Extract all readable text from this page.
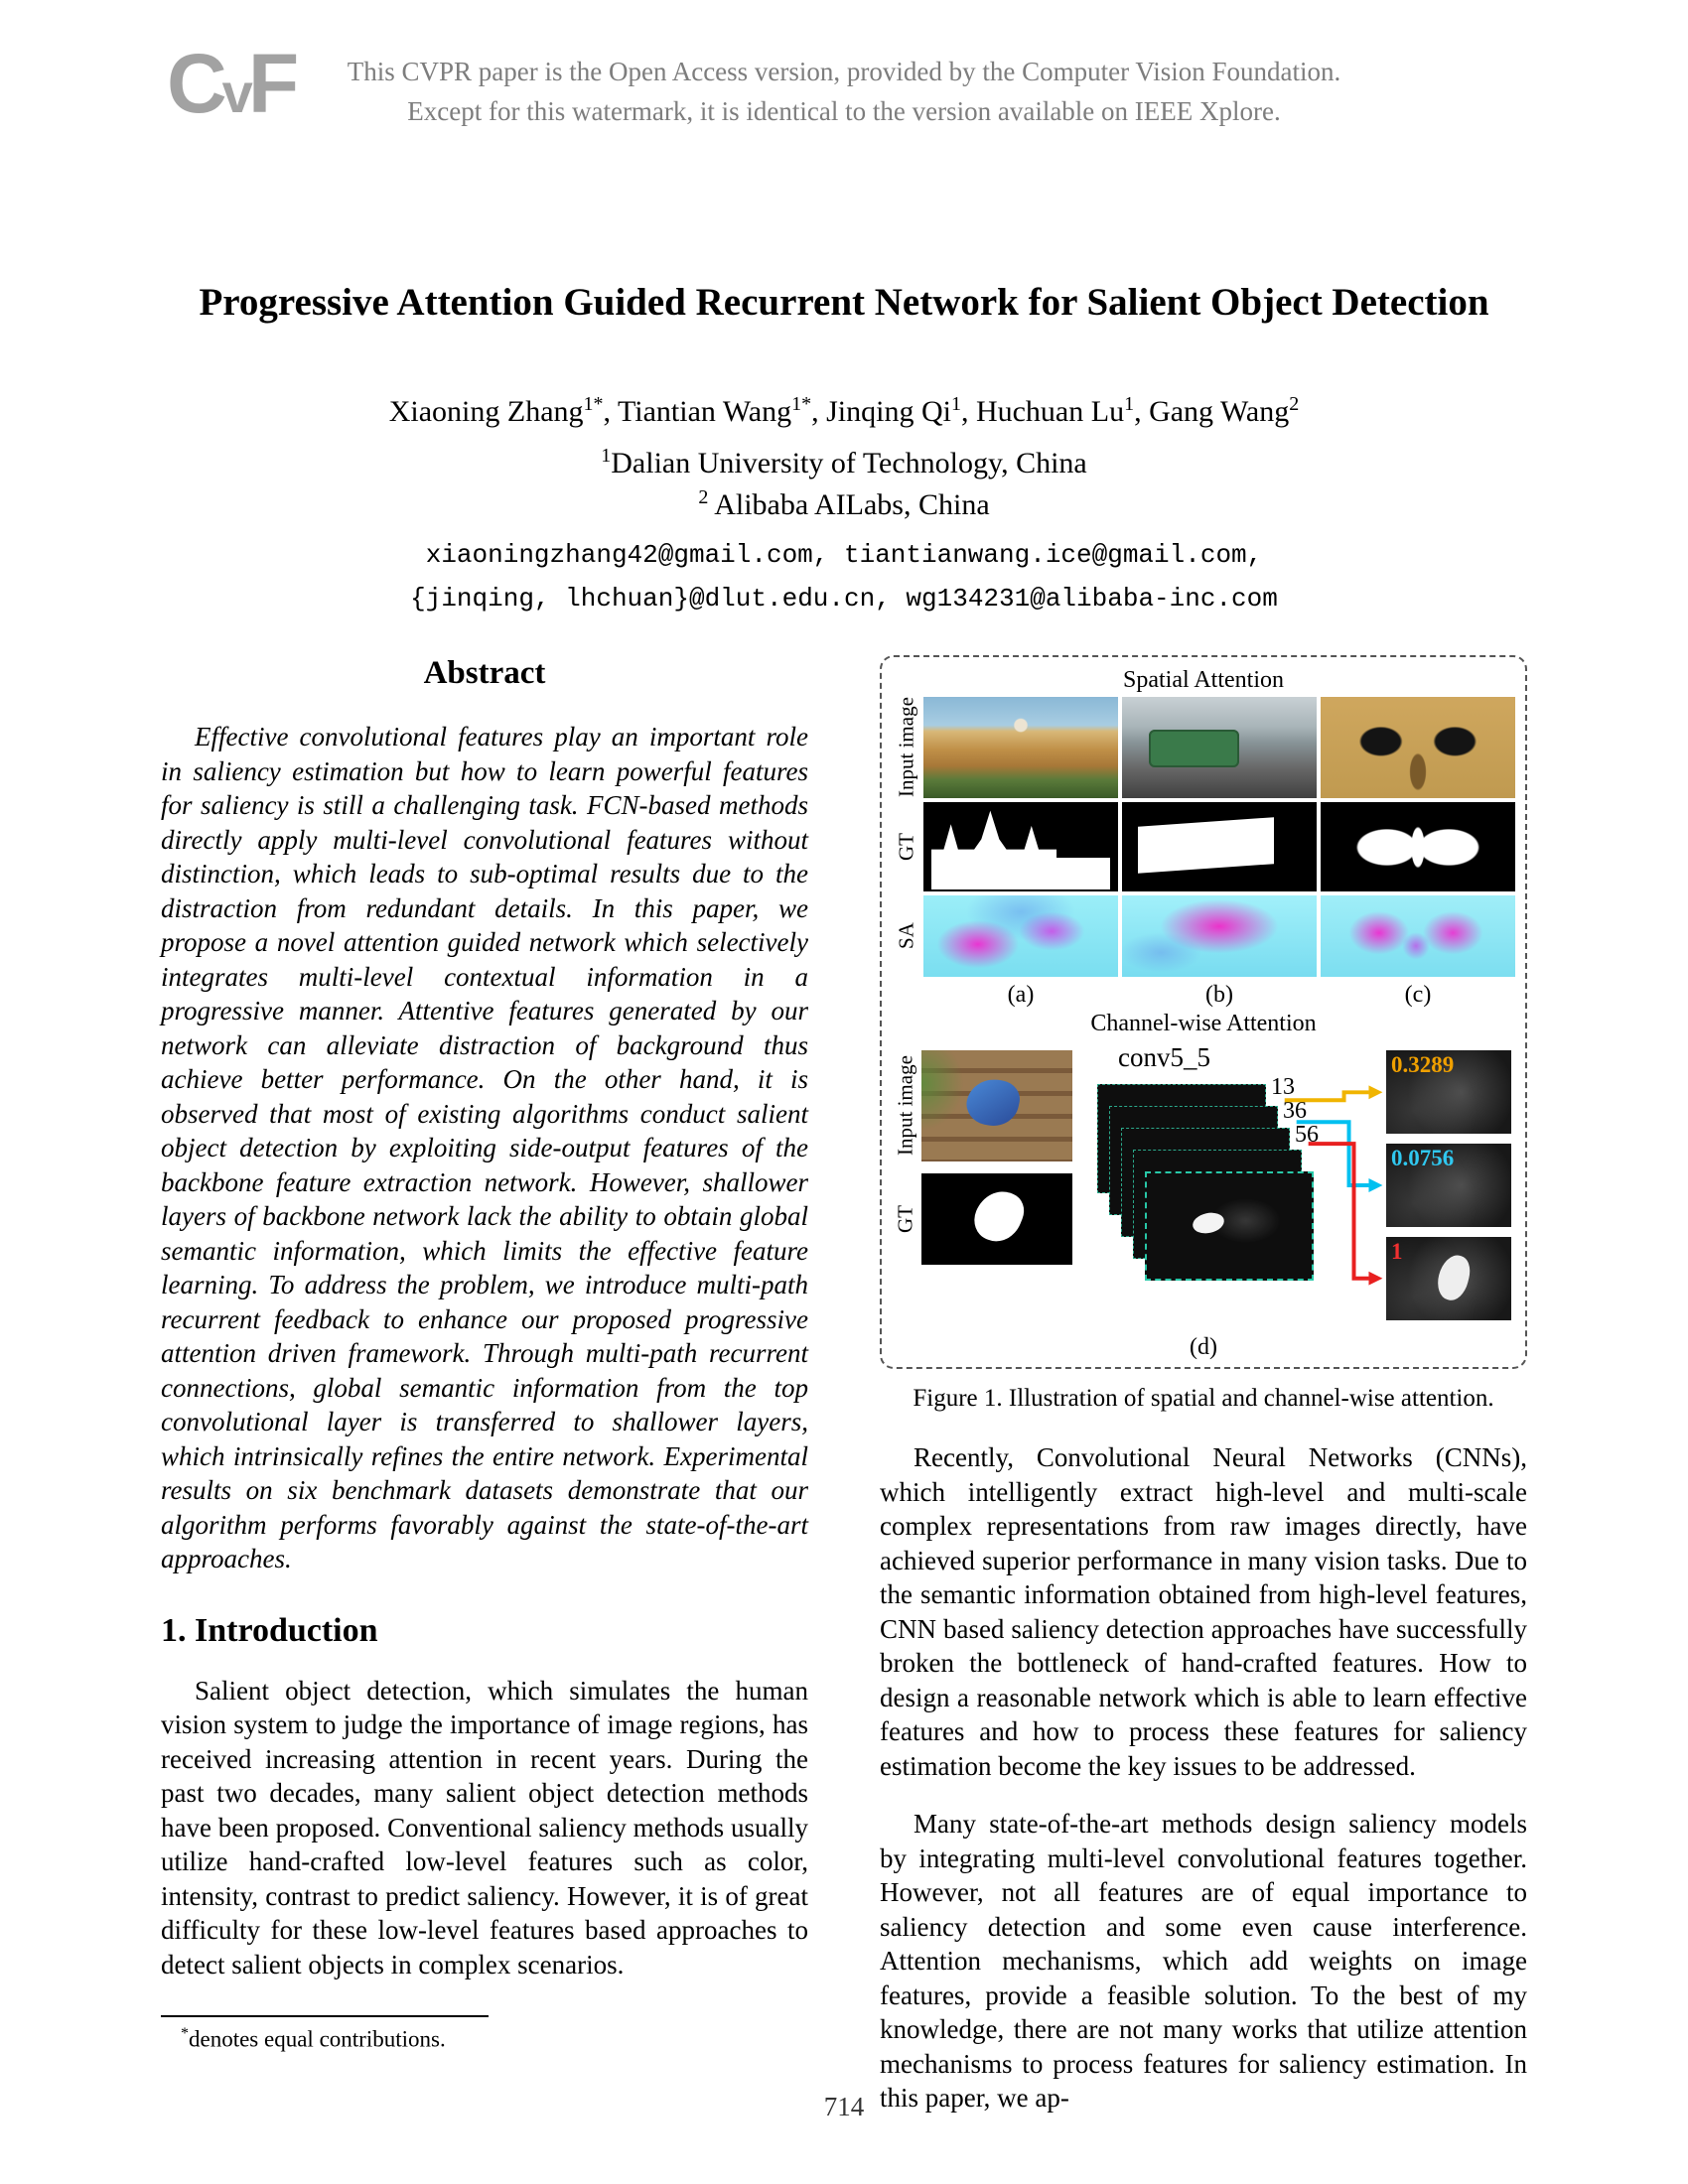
CvF	This CVPR paper is the Open Access version, provided by the Computer Vision Foundation.
Except for this watermark, it is identical to the version available on IEEE Xplore.
Progressive Attention Guided Recurrent Network for Salient Object Detection
Xiaoning Zhang$^{1*}$, Tiantian Wang$^{1*}$, Jinqing Qi$^1$, Huchuan Lu$^1$, Gang Wang$^2$
$^1$Dalian University of Technology, China
$^2$ Alibaba AILabs, China
xiaoningzhang42@gmail.com, tiantianwang.ice@gmail.com,
{jinqing, lhchuan}@dlut.edu.cn, wg134231@alibaba-inc.com
Abstract

Effective convolutional features play an important role in saliency estimation but how to learn powerful features for saliency is still a challenging task. FCN-based methods directly apply multi-level convolutional features without distinction, which leads to sub-optimal results due to the distraction from redundant details. In this paper, we propose a novel attention guided network which selectively integrates multi-level contextual information in a progressive manner. Attentive features generated by our network can alleviate distraction of background thus achieve better performance. On the other hand, it is observed that most of existing algorithms conduct salient object detection by exploiting side-output features of the backbone feature extraction network. However, shallower layers of backbone network lack the ability to obtain global semantic information, which limits the effective feature learning. To address the problem, we introduce multi-path recurrent feedback to enhance our proposed progressive attention driven framework. Through multi-path recurrent connections, global semantic information from the top convolutional layer is transferred to shallower layers, which intrinsically refines the entire network. Experimental results on six benchmark datasets demonstrate that our algorithm performs favorably against the state-of-the-art approaches.

1. Introduction

Salient object detection, which simulates the human vision system to judge the importance of image regions, has received increasing attention in recent years. During the past two decades, many salient object detection methods have been proposed. Conventional saliency methods usually utilize hand-crafted low-level features such as color, intensity, contrast to predict saliency. However, it is of great difficulty for these low-level features based approaches to detect salient objects in complex scenarios.

*denotes equal contributions.
Spatial Attention
Input image
GT
SA
(a)	(b)	(c)
Channel-wise Attention
Input image
GT
conv5_5
13
36
56
0.3289
0.0756
1
(d)
Figure 1. Illustration of spatial and channel-wise attention.

Recently, Convolutional Neural Networks (CNNs), which intelligently extract high-level and multi-scale complex representations from raw images directly, have achieved superior performance in many vision tasks. Due to the semantic information obtained from high-level features, CNN based saliency detection approaches have successfully broken the bottleneck of hand-crafted features. How to design a reasonable network which is able to learn effective features and how to process these features for saliency estimation become the key issues to be addressed.

Many state-of-the-art methods design saliency models by integrating multi-level convolutional features together. However, not all features are of equal importance to saliency detection and some even cause interference. Attention mechanisms, which add weights on image features, provide a feasible solution. To the best of my knowledge, there are not many works that utilize attention mechanisms to process features for saliency estimation. In this paper, we ap-

714
